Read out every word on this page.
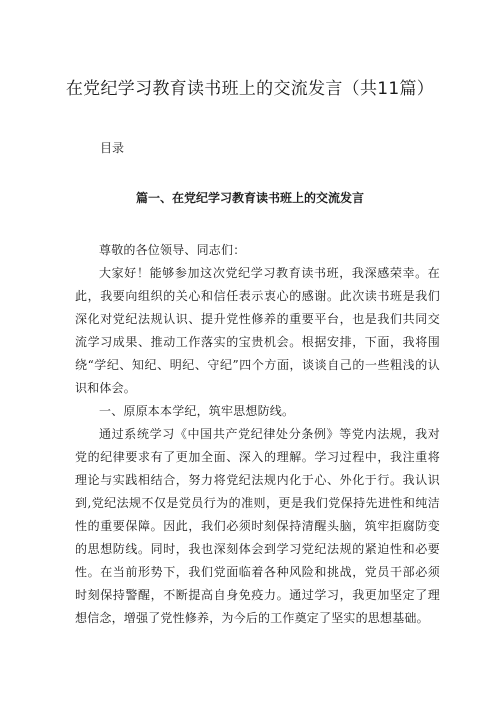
在党纪学习教育读书班上的交流发言（共11篇）
目录
篇一、在党纪学习教育读书班上的交流发言

尊敬的各位领导、同志们：

大家好！能够参加这次党纪学习教育读书班，我深感荣幸。在此，我要向组织的关心和信任表示衷心的感谢。此次读书班是我们深化对党纪法规认识、提升党性修养的重要平台，也是我们共同交流学习成果、推动工作落实的宝贵机会。根据安排，下面，我将围绕“学纪、知纪、明纪、守纪”四个方面，谈谈自己的一些粗浅的认识和体会。

一、原原本本学纪，筑牢思想防线。

通过系统学习《中国共产党纪律处分条例》等党内法规，我对党的纪律要求有了更加全面、深入的理解。学习过程中，我注重将理论与实践相结合，努力将党纪法规内化于心、外化于行。我认识到,党纪法规不仅是党员行为的准则，更是我们党保持先进性和纯洁性的重要保障。因此，我们必须时刻保持清醒头脑，筑牢拒腐防变的思想防线。同时，我也深刻体会到学习党纪法规的紧迫性和必要性。在当前形势下，我们党面临着各种风险和挑战，党员干部必须时刻保持警醒，不断提高自身免疫力。通过学习，我更加坚定了理想信念，增强了党性修养，为今后的工作奠定了坚实的思想基础。
